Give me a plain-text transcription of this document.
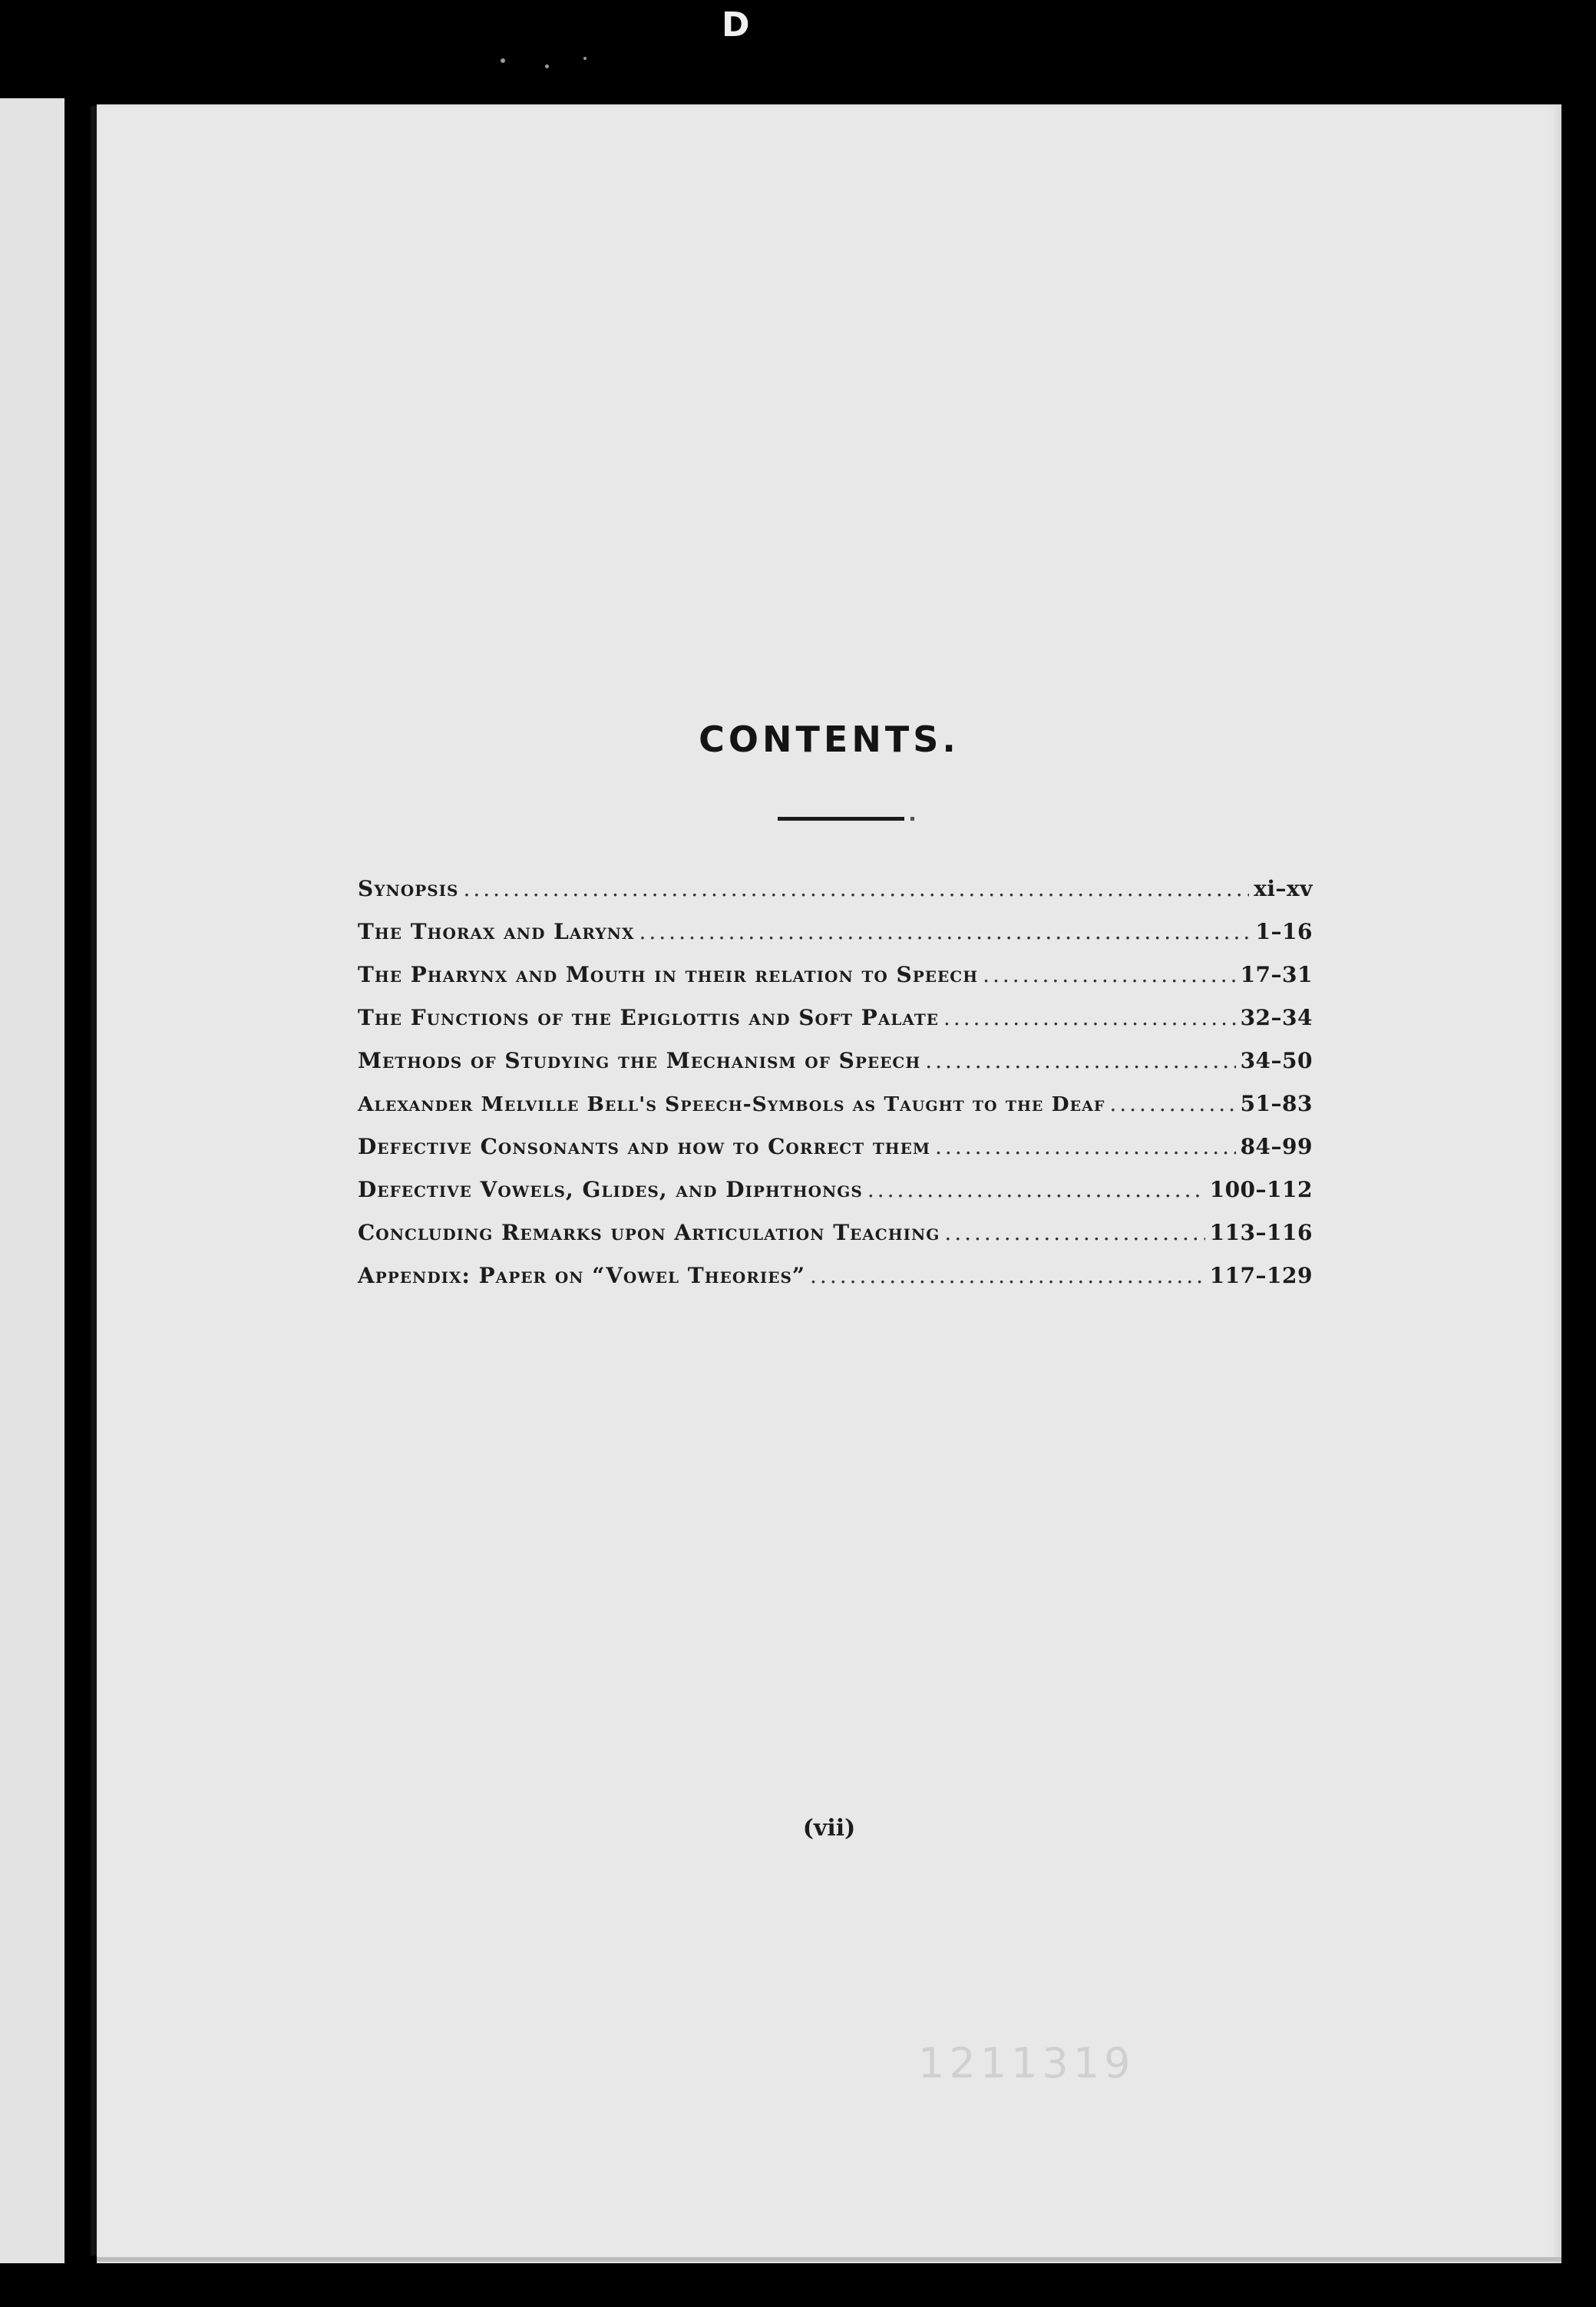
D
CONTENTS.
Synopsis .....	xi–xv
The Thorax and Larynx .....	1–16
The Pharynx and Mouth in their relation to Speech .....	17–31
The Functions of the Epiglottis and Soft Palate .....	32–34
Methods of Studying the Mechanism of Speech .....	34–50
Alexander Melville Bell's Speech-Symbols as Taught to the Deaf .....	51–83
Defective Consonants and how to Correct them .....	84–99
Defective Vowels, Glides, and Diphthongs .....	100–112
Concluding Remarks upon Articulation Teaching .....	113–116
Appendix: Paper on “Vowel Theories” .....	117–129
(vii)
1211319
